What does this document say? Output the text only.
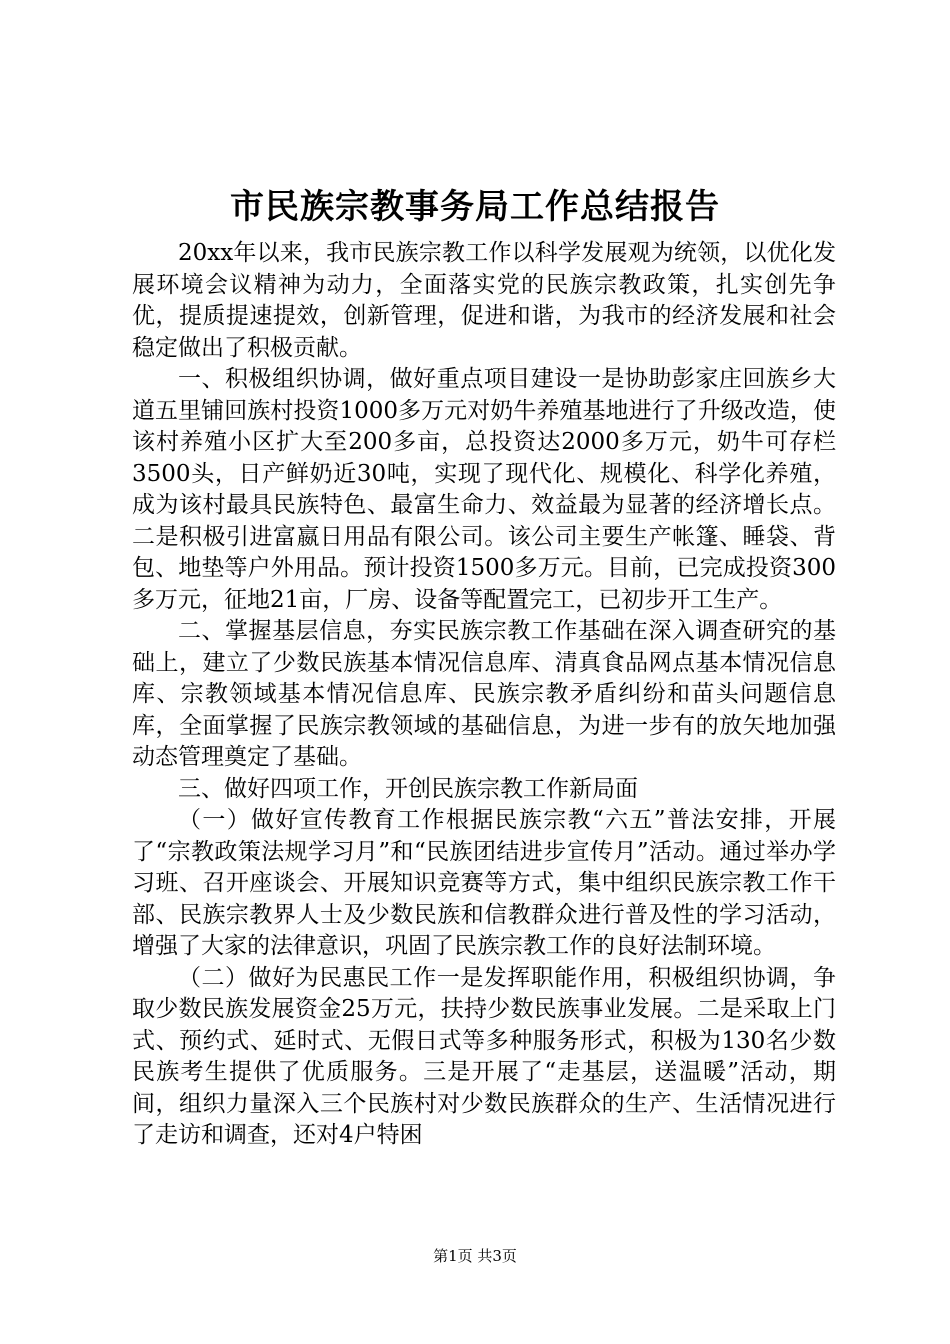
市民族宗教事务局工作总结报告

20xx年以来，我市民族宗教工作以科学发展观为统领，以优化发展环境会议精神为动力，全面落实党的民族宗教政策，扎实创先争优，提质提速提效，创新管理，促进和谐，为我市的经济发展和社会稳定做出了积极贡献。

一、积极组织协调，做好重点项目建设一是协助彭家庄回族乡大道五里铺回族村投资1000多万元对奶牛养殖基地进行了升级改造，使该村养殖小区扩大至200多亩，总投资达2000多万元，奶牛可存栏3500头，日产鲜奶近30吨，实现了现代化、规模化、科学化养殖，成为该村最具民族特色、最富生命力、效益最为显著的经济增长点。二是积极引进富嬴日用品有限公司。该公司主要生产帐篷、睡袋、背包、地垫等户外用品。预计投资1500多万元。目前，已完成投资300多万元，征地21亩，厂房、设备等配置完工，已初步开工生产。

二、掌握基层信息，夯实民族宗教工作基础在深入调查研究的基础上，建立了少数民族基本情况信息库、清真食品网点基本情况信息库、宗教领域基本情况信息库、民族宗教矛盾纠纷和苗头问题信息库，全面掌握了民族宗教领域的基础信息，为进一步有的放矢地加强动态管理奠定了基础。

三、做好四项工作，开创民族宗教工作新局面

（一）做好宣传教育工作根据民族宗教“六五”普法安排，开展了“宗教政策法规学习月”和“民族团结进步宣传月”活动。通过举办学习班、召开座谈会、开展知识竞赛等方式，集中组织民族宗教工作干部、民族宗教界人士及少数民族和信教群众进行普及性的学习活动，增强了大家的法律意识，巩固了民族宗教工作的良好法制环境。

（二）做好为民惠民工作一是发挥职能作用，积极组织协调，争取少数民族发展资金25万元，扶持少数民族事业发展。二是采取上门式、预约式、延时式、无假日式等多种服务形式，积极为130名少数民族考生提供了优质服务。三是开展了“走基层，送温暖”活动，期间，组织力量深入三个民族村对少数民族群众的生产、生活情况进行了走访和调查，还对4户特困

第1页 共3页
